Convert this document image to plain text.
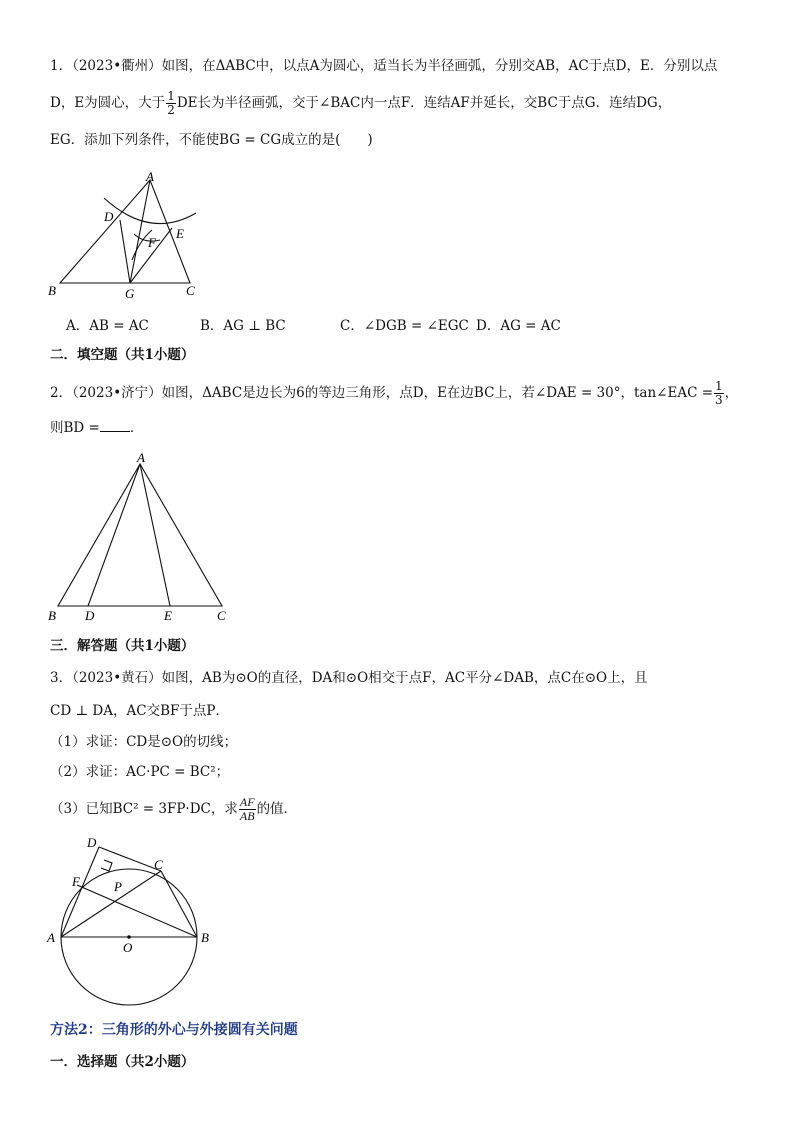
1．（2023•衢州）如图，在ΔABC中，以点A为圆心，适当长为半径画弧，分别交AB，AC于点D，E．分别以点
D，E为圆心，大于 $\frac{1}{2}$ DE长为半径画弧，交于∠BAC内一点F．连结AF并延长，交BC于点G．连结DG，
EG．添加下列条件，不能使BG = CG成立的是(　　)
A
D
E
F
B	G	C
A．AB = AC	B．AG ⊥ BC	C．∠DGB = ∠EGC D．AG = AC
二．填空题（共1小题）
2．（2023•济宁）如图，ΔABC是边长为6的等边三角形，点D，E在边BC上，若∠DAE = 30°，tan∠EAC = $\frac{1}{3}$ ，
则BD = ．
A
B D	E	C
三．解答题（共1小题）
3．（2023•黄石）如图，AB为⊙O的直径，DA和⊙O相交于点F，AC平分∠DAB，点C在⊙O上，且
CD ⊥ DA，AC交BF于点P．
（1）求证：CD是⊙O的切线；
（2）求证：AC·PC = BC²；
（3）已知BC² = 3FP·DC，求 $\frac{AF}{AB}$ 的值．
D
C
F	P
A	B
O
方法2：三角形的外心与外接圆有关问题
一．选择题（共2小题）
